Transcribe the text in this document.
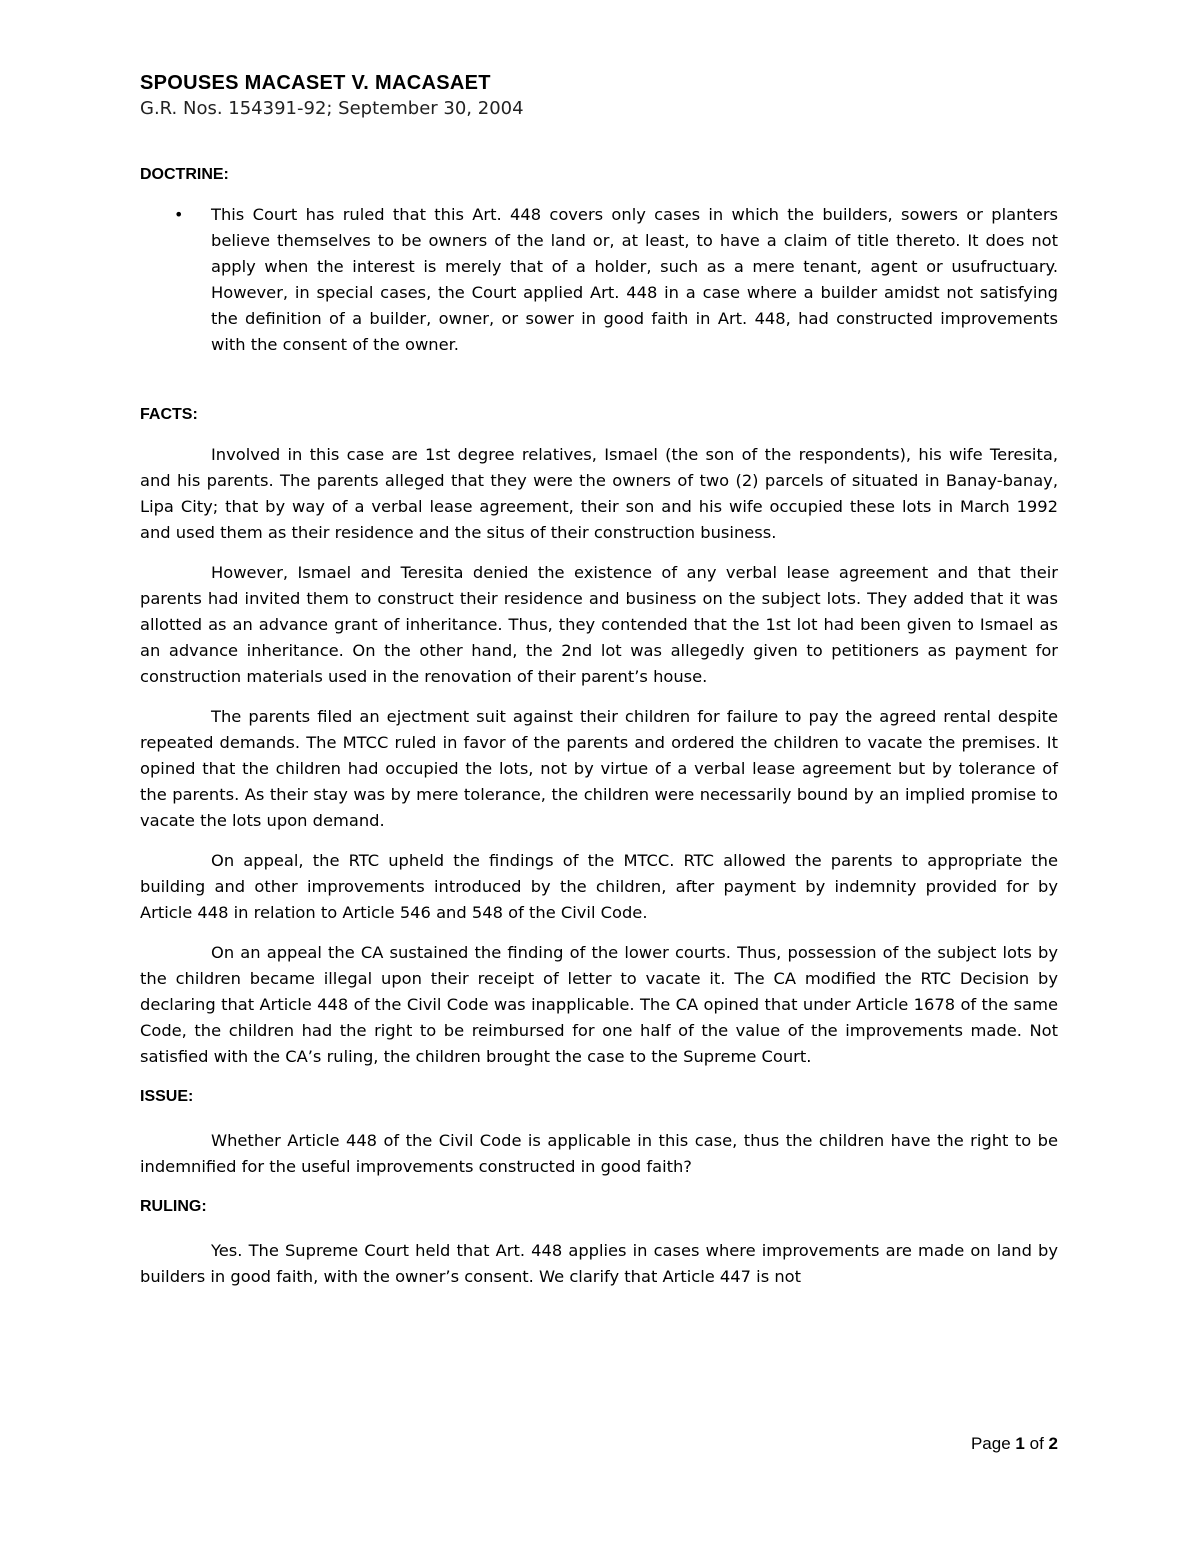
SPOUSES MACASET V. MACASAET

G.R. Nos. 154391-92; September 30, 2004

DOCTRINE:
• This Court has ruled that this Art. 448 covers only cases in which the builders, sowers or planters believe themselves to be owners of the land or, at least, to have a claim of title thereto. It does not apply when the interest is merely that of a holder, such as a mere tenant, agent or usufructuary. However, in special cases, the Court applied Art. 448 in a case where a builder amidst not satisfying the definition of a builder, owner, or sower in good faith in Art. 448, had constructed improvements with the consent of the owner.
FACTS:

Involved in this case are 1st degree relatives, Ismael (the son of the respondents), his wife Teresita, and his parents. The parents alleged that they were the owners of two (2) parcels of situated in Banay-banay, Lipa City; that by way of a verbal lease agreement, their son and his wife occupied these lots in March 1992 and used them as their residence and the situs of their construction business.

However, Ismael and Teresita denied the existence of any verbal lease agreement and that their parents had invited them to construct their residence and business on the subject lots. They added that it was allotted as an advance grant of inheritance. Thus, they contended that the 1st lot had been given to Ismael as an advance inheritance. On the other hand, the 2nd lot was allegedly given to petitioners as payment for construction materials used in the renovation of their parent’s house.

The parents filed an ejectment suit against their children for failure to pay the agreed rental despite repeated demands. The MTCC ruled in favor of the parents and ordered the children to vacate the premises. It opined that the children had occupied the lots, not by virtue of a verbal lease agreement but by tolerance of the parents. As their stay was by mere tolerance, the children were necessarily bound by an implied promise to vacate the lots upon demand.

On appeal, the RTC upheld the findings of the MTCC. RTC allowed the parents to appropriate the building and other improvements introduced by the children, after payment by indemnity provided for by Article 448 in relation to Article 546 and 548 of the Civil Code.

On an appeal the CA sustained the finding of the lower courts. Thus, possession of the subject lots by the children became illegal upon their receipt of letter to vacate it. The CA modified the RTC Decision by declaring that Article 448 of the Civil Code was inapplicable. The CA opined that under Article 1678 of the same Code, the children had the right to be reimbursed for one half of the value of the improvements made. Not satisfied with the CA’s ruling, the children brought the case to the Supreme Court.

ISSUE:

Whether Article 448 of the Civil Code is applicable in this case, thus the children have the right to be indemnified for the useful improvements constructed in good faith?

RULING:

Yes. The Supreme Court held that Art. 448 applies in cases where improvements are made on land by builders in good faith, with the owner’s consent. We clarify that Article 447 is not

Page 1 of 2
